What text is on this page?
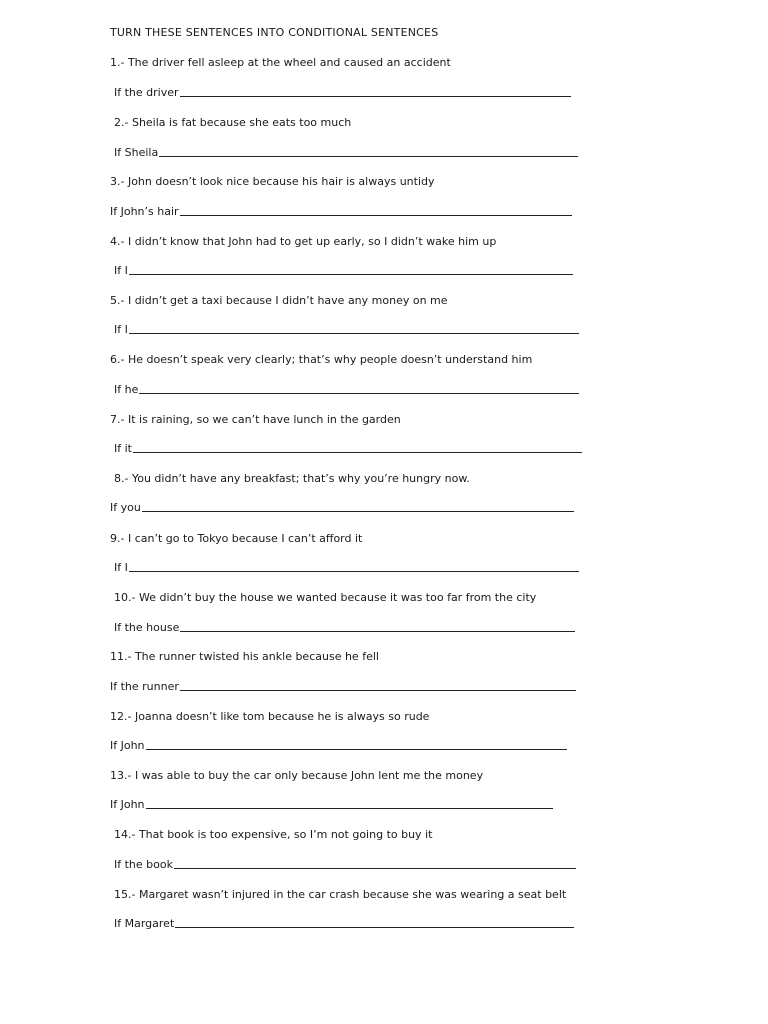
TURN THESE SENTENCES INTO CONDITIONAL SENTENCES
1.- The driver fell asleep at the wheel and caused an accident
If the driver
2.- Sheila is fat because she eats too much
If Sheila
3.- John doesn’t look nice because his hair is always untidy
If John’s hair
4.- I didn’t know that John had to get up early, so I didn’t wake him up
If I
5.- I didn’t get a taxi because I didn’t have any money on me
If I
6.- He doesn’t speak very clearly; that’s why people doesn’t understand him
If he
7.- It is raining, so we can’t have lunch in the garden
If it
8.- You didn’t have any breakfast; that’s why you’re hungry now.
If you
9.- I can’t go to Tokyo because I can’t afford it
If I
10.- We didn’t buy the house we wanted because it was too far from the city
If the house
11.- The runner twisted his ankle because he fell
If the runner
12.- Joanna doesn’t like tom because he is always so rude
If John
13.- I was able to buy the car only because John lent me the money
If John
14.- That book is too expensive, so I’m not going to buy it
If the book
15.- Margaret wasn’t injured in the car crash because she was wearing a seat belt
If Margaret
